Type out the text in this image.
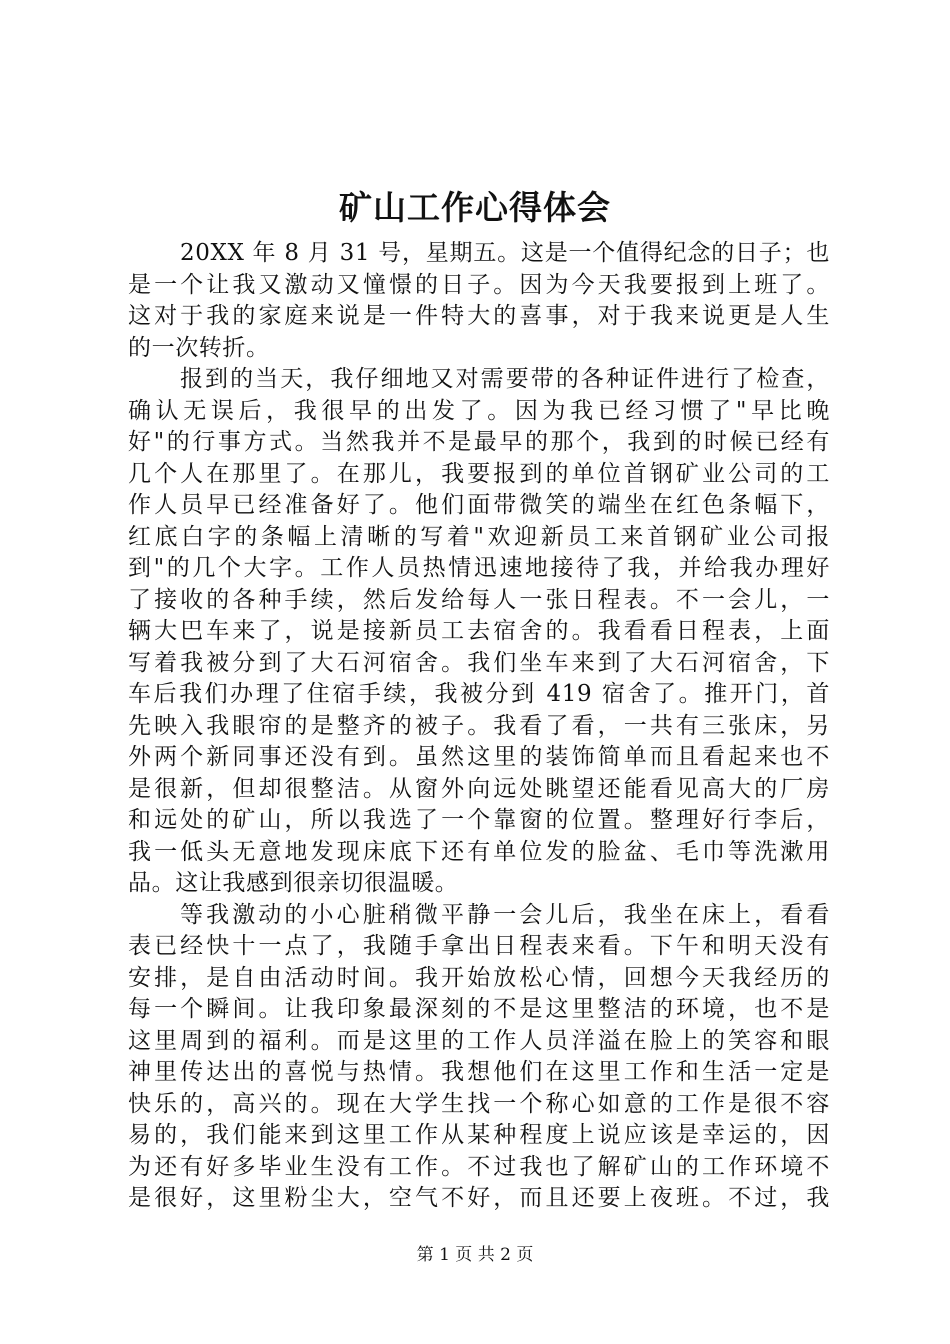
矿山工作心得体会
20XX 年 8 月 31 号，星期五。这是一个值得纪念的日子；也
是一个让我又激动又憧憬的日子。因为今天我要报到上班了。
这对于我的家庭来说是一件特大的喜事，对于我来说更是人生
的一次转折。
报到的当天，我仔细地又对需要带的各种证件进行了检查，
确认无误后，我很早的出发了。因为我已经习惯了"早比晚
好"的行事方式。当然我并不是最早的那个，我到的时候已经有
几个人在那里了。在那儿，我要报到的单位首钢矿业公司的工
作人员早已经准备好了。他们面带微笑的端坐在红色条幅下，
红底白字的条幅上清晰的写着"欢迎新员工来首钢矿业公司报
到"的几个大字。工作人员热情迅速地接待了我，并给我办理好
了接收的各种手续，然后发给每人一张日程表。不一会儿，一
辆大巴车来了，说是接新员工去宿舍的。我看看日程表，上面
写着我被分到了大石河宿舍。我们坐车来到了大石河宿舍，下
车后我们办理了住宿手续，我被分到 419 宿舍了。推开门，首
先映入我眼帘的是整齐的被子。我看了看，一共有三张床，另
外两个新同事还没有到。虽然这里的装饰简单而且看起来也不
是很新，但却很整洁。从窗外向远处眺望还能看见高大的厂房
和远处的矿山，所以我选了一个靠窗的位置。整理好行李后，
我一低头无意地发现床底下还有单位发的脸盆、毛巾等洗漱用
品。这让我感到很亲切很温暖。
等我激动的小心脏稍微平静一会儿后，我坐在床上，看看
表已经快十一点了，我随手拿出日程表来看。下午和明天没有
安排，是自由活动时间。我开始放松心情，回想今天我经历的
每一个瞬间。让我印象最深刻的不是这里整洁的环境，也不是
这里周到的福利。而是这里的工作人员洋溢在脸上的笑容和眼
神里传达出的喜悦与热情。我想他们在这里工作和生活一定是
快乐的，高兴的。现在大学生找一个称心如意的工作是很不容
易的，我们能来到这里工作从某种程度上说应该是幸运的，因
为还有好多毕业生没有工作。不过我也了解矿山的工作环境不
是很好，这里粉尘大，空气不好，而且还要上夜班。不过，我
第 1 页 共 2 页
